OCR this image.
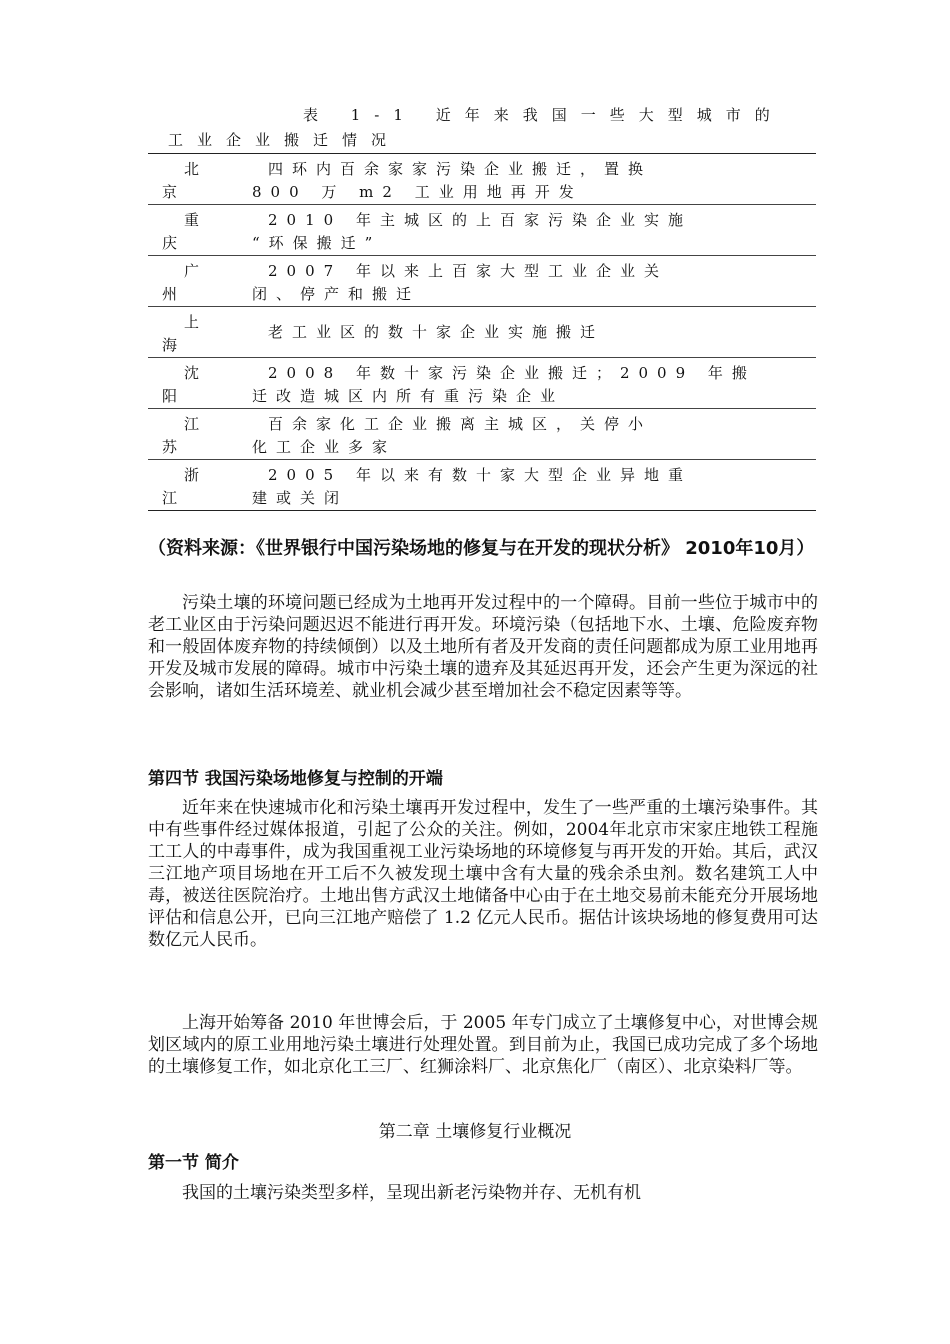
表 1-1 近年来我国一些大型城市的
工业企业搬迁情况
北
京
四环内百余家家污染企业搬迁，置换
800 万 m2 工业用地再开发
重
庆
2010 年主城区的上百家污染企业实施
“环保搬迁”
广
州
2007 年以来上百家大型工业企业关
闭、停产和搬迁
上
海
老工业区的数十家企业实施搬迁
沈
阳
2008 年数十家污染企业搬迁；2009 年搬
迁改造城区内所有重污染企业
江
苏
百余家化工企业搬离主城区，关停小
化工企业多家
浙
江
2005 年以来有数十家大型企业异地重
建或关闭
（资料来源：《世界银行中国污染场地的修复与在开发的现状分析》 2010年10月）
污染土壤的环境问题已经成为土地再开发过程中的一个障碍。目前一些位于城市中的老工业区由于污染问题迟迟不能进行再开发。环境污染（包括地下水、土壤、危险废弃物和一般固体废弃物的持续倾倒）以及土地所有者及开发商的责任问题都成为原工业用地再开发及城市发展的障碍。城市中污染土壤的遗弃及其延迟再开发，还会产生更为深远的社会影响，诸如生活环境差、就业机会减少甚至增加社会不稳定因素等等。
第四节 我国污染场地修复与控制的开端
近年来在快速城市化和污染土壤再开发过程中，发生了一些严重的土壤污染事件。其中有些事件经过媒体报道，引起了公众的关注。例如，2004年北京市宋家庄地铁工程施工工人的中毒事件，成为我国重视工业污染场地的环境修复与再开发的开始。其后，武汉三江地产项目场地在开工后不久被发现土壤中含有大量的残余杀虫剂。数名建筑工人中毒，被送往医院治疗。土地出售方武汉土地储备中心由于在土地交易前未能充分开展场地评估和信息公开，已向三江地产赔偿了 1.2 亿元人民币。据估计该块场地的修复费用可达数亿元人民币。
上海开始筹备 2010 年世博会后，于 2005 年专门成立了土壤修复中心，对世博会规划区域内的原工业用地污染土壤进行处理处置。到目前为止，我国已成功完成了多个场地的土壤修复工作，如北京化工三厂、红狮涂料厂、北京焦化厂（南区）、北京染料厂等。
第二章 土壤修复行业概况
第一节 简介
我国的土壤污染类型多样，呈现出新老污染物并存、无机有机
